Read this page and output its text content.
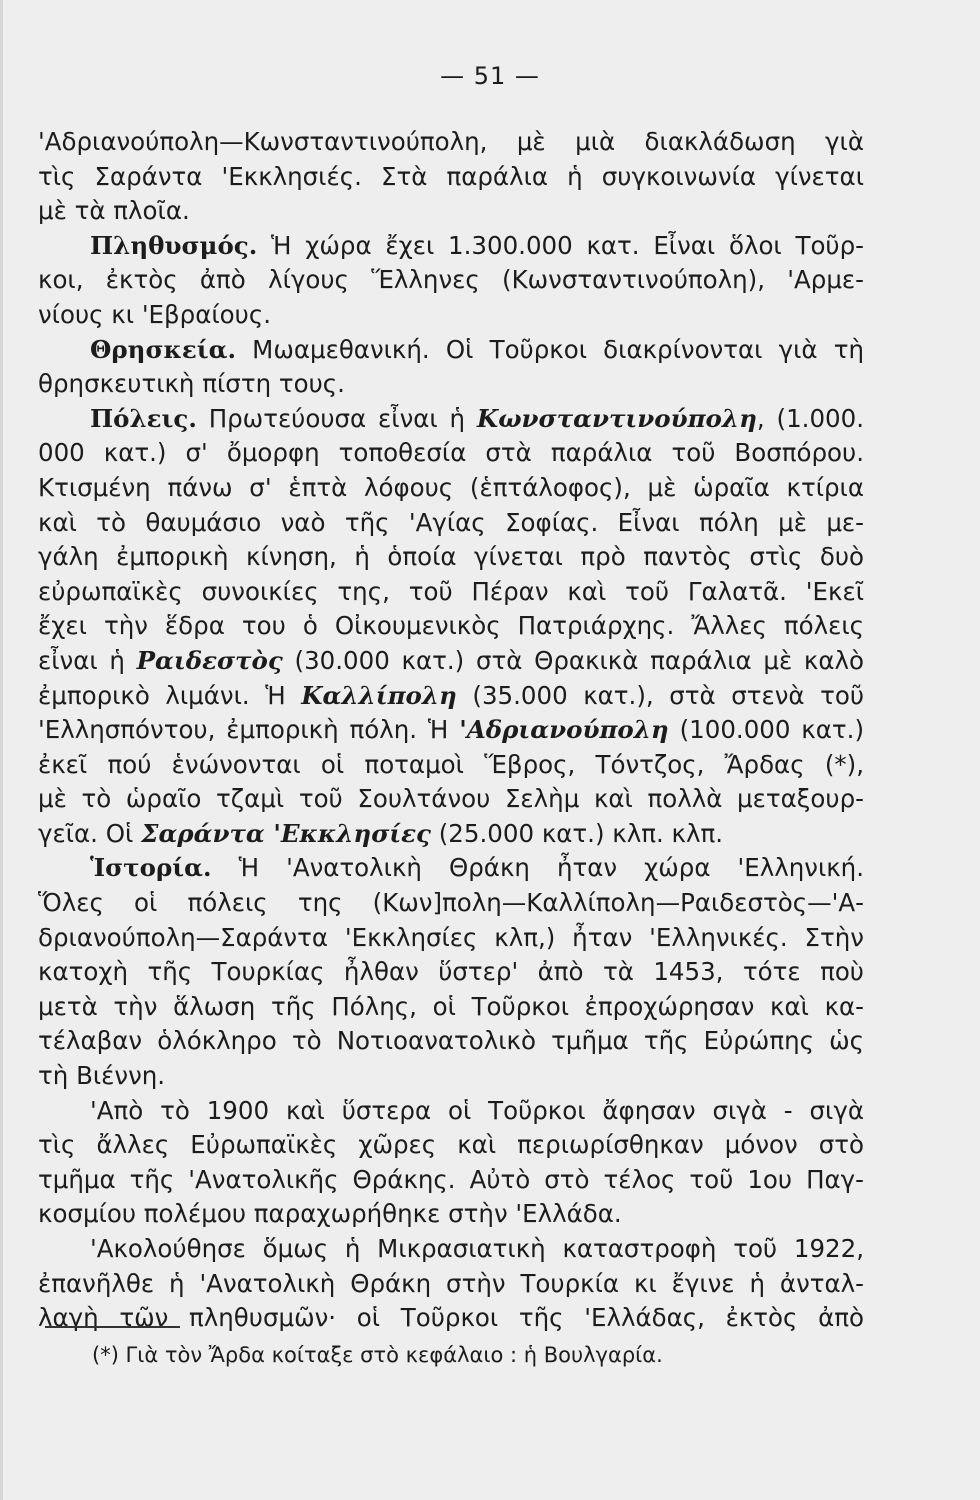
— 51 —
'Αδριανούπολη—Κωνσταντινούπολη, μὲ μιὰ διακλάδωση γιὰ
τὶς Σαράντα 'Εκκλησιές. Στὰ παράλια ἡ συγκοινωνία γίνεται
μὲ τὰ πλοῖα.
Πληθυσμός. Ἡ χώρα ἔχει 1.300.000 κατ. Εἶναι ὅλοι Τοῦρ-
κοι, ἐκτὸς ἀπὸ λίγους Ἕλληνες (Κωνσταντινούπολη), 'Αρμε-
νίους κι 'Εβραίους.
Θρησκεία. Μωαμεθανική. Οἱ Τοῦρκοι διακρίνονται γιὰ τὴ
θρησκευτικὴ πίστη τους.
Πόλεις. Πρωτεύουσα εἶναι ἡ Κωνσταντινούπολη, (1.000.
000 κατ.) σ' ὄμορφη τοποθεσία στὰ παράλια τοῦ Βοσπόρου.
Κτισμένη πάνω σ' ἑπτὰ λόφους (ἑπτάλοφος), μὲ ὡραῖα κτίρια
καὶ τὸ θαυμάσιο ναὸ τῆς 'Αγίας Σοφίας. Εἶναι πόλη μὲ με-
γάλη ἐμπορικὴ κίνηση, ἡ ὁποία γίνεται πρὸ παντὸς στὶς δυὸ
εὐρωπαϊκὲς συνοικίες της, τοῦ Πέραν καὶ τοῦ Γαλατᾶ. 'Εκεῖ
ἔχει τὴν ἕδρα του ὁ Οἰκουμενικὸς Πατριάρχης. Ἄλλες πόλεις
εἶναι ἡ Ραιδεστὸς (30.000 κατ.) στὰ Θρακικὰ παράλια μὲ καλὸ
ἐμπορικὸ λιμάνι. Ἡ Καλλίπολη (35.000 κατ.), στὰ στενὰ τοῦ
'Ελλησπόντου, ἐμπορικὴ πόλη. Ἡ 'Αδριανούπολη (100.000 κατ.)
ἐκεῖ πού ἑνώνονται οἱ ποταμοὶ Ἕβρος, Τόντζος, Ἄρδας (*),
μὲ τὸ ὡραῖο τζαμὶ τοῦ Σουλτάνου Σελὴμ καὶ πολλὰ μεταξουρ-
γεῖα. Οἱ Σαράντα 'Εκκλησίες (25.000 κατ.) κλπ. κλπ.
Ἱστορία. Ἡ 'Ανατολικὴ Θράκη ἦταν χώρα 'Ελληνική.
Ὅλες οἱ πόλεις της (Κων]πολη—Καλλίπολη—Ραιδεστὸς—'Α-
δριανούπολη—Σαράντα 'Εκκλησίες κλπ,) ἦταν 'Ελληνικές. Στὴν
κατοχὴ τῆς Τουρκίας ἦλθαν ὕστερ' ἀπὸ τὰ 1453, τότε ποὺ
μετὰ τὴν ἅλωση τῆς Πόλης, οἱ Τοῦρκοι ἐπροχώρησαν καὶ κα-
τέλαβαν ὁλόκληρο τὸ Νοτιοανατολικὸ τμῆμα τῆς Εὐρώπης ὡς
τὴ Βιέννη.
'Απὸ τὸ 1900 καὶ ὕστερα οἱ Τοῦρκοι ἄφησαν σιγὰ - σιγὰ
τὶς ἄλλες Εὐρωπαϊκὲς χῶρες καὶ περιωρίσθηκαν μόνον στὸ
τμῆμα τῆς 'Ανατολικῆς Θράκης. Αὐτὸ στὸ τέλος τοῦ 1ου Παγ-
κοσμίου πολέμου παραχωρήθηκε στὴν 'Ελλάδα.
'Ακολούθησε ὅμως ἡ Μικρασιατικὴ καταστροφὴ τοῦ 1922,
ἐπανῆλθε ἡ 'Ανατολικὴ Θράκη στὴν Τουρκία κι ἔγινε ἡ ἀνταλ-
λαγὴ τῶν πληθυσμῶν· οἱ Τοῦρκοι τῆς 'Ελλάδας, ἐκτὸς ἀπὸ
(*) Γιὰ τὸν Ἄρδα κοίταξε στὸ κεφάλαιο : ἡ Βουλγαρία.
